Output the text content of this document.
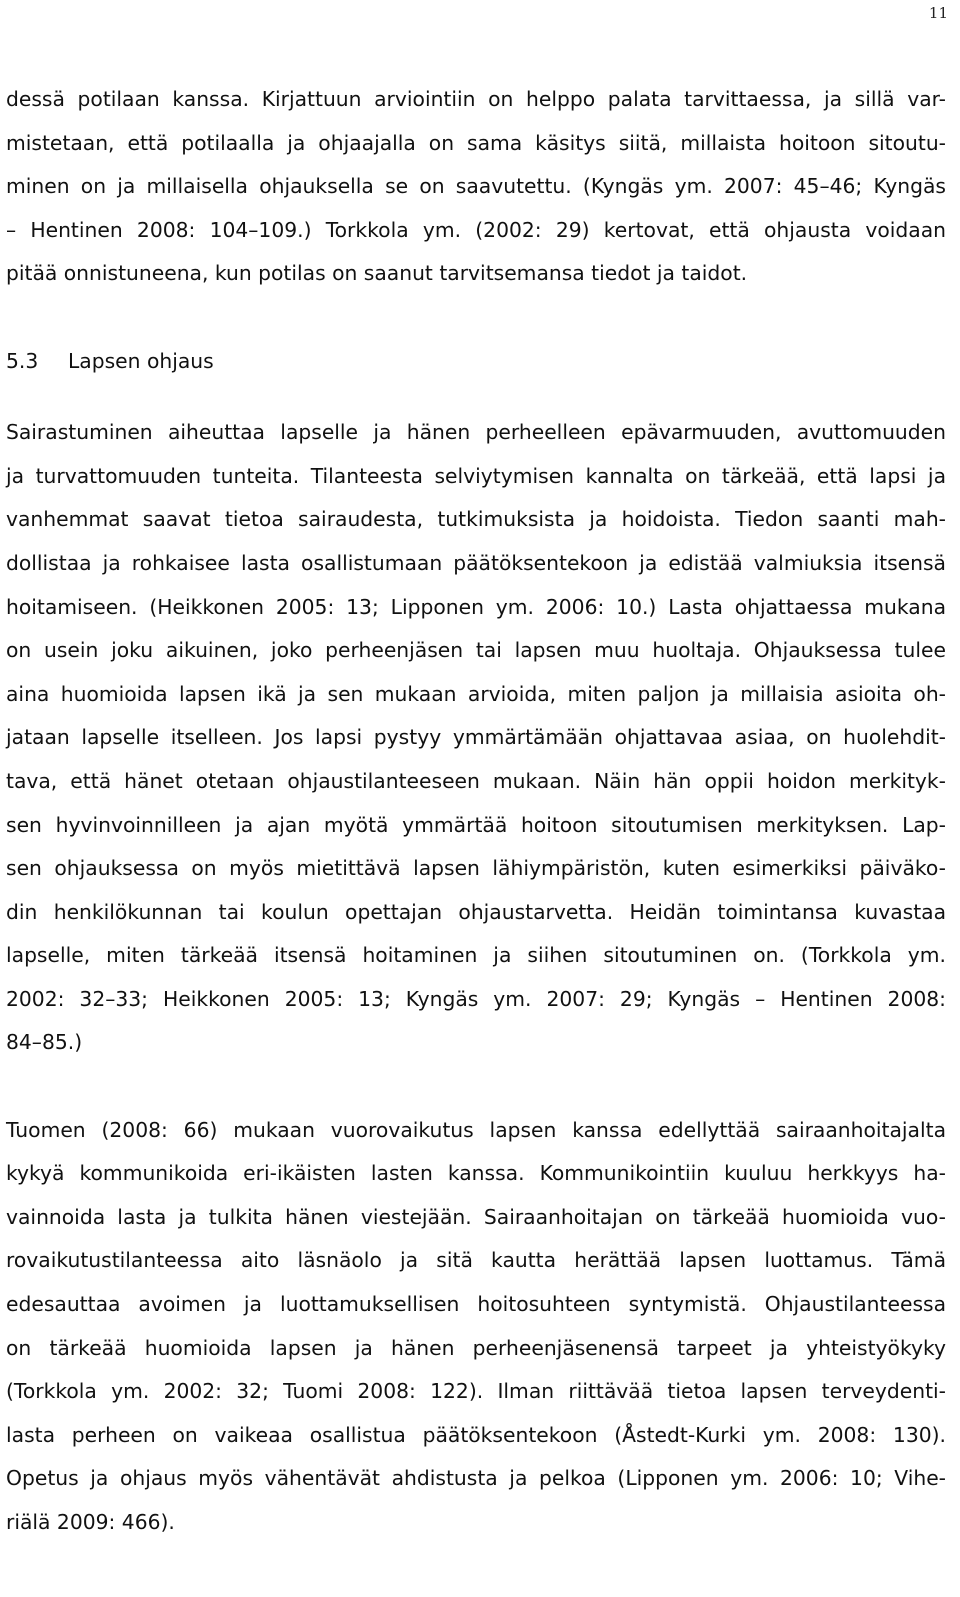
11
dessä potilaan kanssa. Kirjattuun arviointiin on helppo palata tarvittaessa, ja sillä var-
mistetaan, että potilaalla ja ohjaajalla on sama käsitys siitä, millaista hoitoon sitoutu-
minen on ja millaisella ohjauksella se on saavutettu. (Kyngäs ym. 2007: 45–46; Kyngäs
– Hentinen 2008: 104–109.) Torkkola ym. (2002: 29) kertovat, että ohjausta voidaan
pitää onnistuneena, kun potilas on saanut tarvitsemansa tiedot ja taidot.
5.3 Lapsen ohjaus
Sairastuminen aiheuttaa lapselle ja hänen perheelleen epävarmuuden, avuttomuuden
ja turvattomuuden tunteita. Tilanteesta selviytymisen kannalta on tärkeää, että lapsi ja
vanhemmat saavat tietoa sairaudesta, tutkimuksista ja hoidoista. Tiedon saanti mah-
dollistaa ja rohkaisee lasta osallistumaan päätöksentekoon ja edistää valmiuksia itsensä
hoitamiseen. (Heikkonen 2005: 13; Lipponen ym. 2006: 10.) Lasta ohjattaessa mukana
on usein joku aikuinen, joko perheenjäsen tai lapsen muu huoltaja. Ohjauksessa tulee
aina huomioida lapsen ikä ja sen mukaan arvioida, miten paljon ja millaisia asioita oh-
jataan lapselle itselleen. Jos lapsi pystyy ymmärtämään ohjattavaa asiaa, on huolehdit-
tava, että hänet otetaan ohjaustilanteeseen mukaan. Näin hän oppii hoidon merkityk-
sen hyvinvoinnilleen ja ajan myötä ymmärtää hoitoon sitoutumisen merkityksen. Lap-
sen ohjauksessa on myös mietittävä lapsen lähiympäristön, kuten esimerkiksi päiväko-
din henkilökunnan tai koulun opettajan ohjaustarvetta. Heidän toimintansa kuvastaa
lapselle, miten tärkeää itsensä hoitaminen ja siihen sitoutuminen on. (Torkkola ym.
2002: 32–33; Heikkonen 2005: 13; Kyngäs ym. 2007: 29; Kyngäs – Hentinen 2008:
84–85.)
Tuomen (2008: 66) mukaan vuorovaikutus lapsen kanssa edellyttää sairaanhoitajalta
kykyä kommunikoida eri-ikäisten lasten kanssa. Kommunikointiin kuuluu herkkyys ha-
vainnoida lasta ja tulkita hänen viestejään. Sairaanhoitajan on tärkeää huomioida vuo-
rovaikutustilanteessa aito läsnäolo ja sitä kautta herättää lapsen luottamus. Tämä
edesauttaa avoimen ja luottamuksellisen hoitosuhteen syntymistä. Ohjaustilanteessa
on tärkeää huomioida lapsen ja hänen perheenjäsenensä tarpeet ja yhteistyökyky
(Torkkola ym. 2002: 32; Tuomi 2008: 122). Ilman riittävää tietoa lapsen terveydenti-
lasta perheen on vaikeaa osallistua päätöksentekoon (Åstedt-Kurki ym. 2008: 130).
Opetus ja ohjaus myös vähentävät ahdistusta ja pelkoa (Lipponen ym. 2006: 10; Vihe-
riälä 2009: 466).
